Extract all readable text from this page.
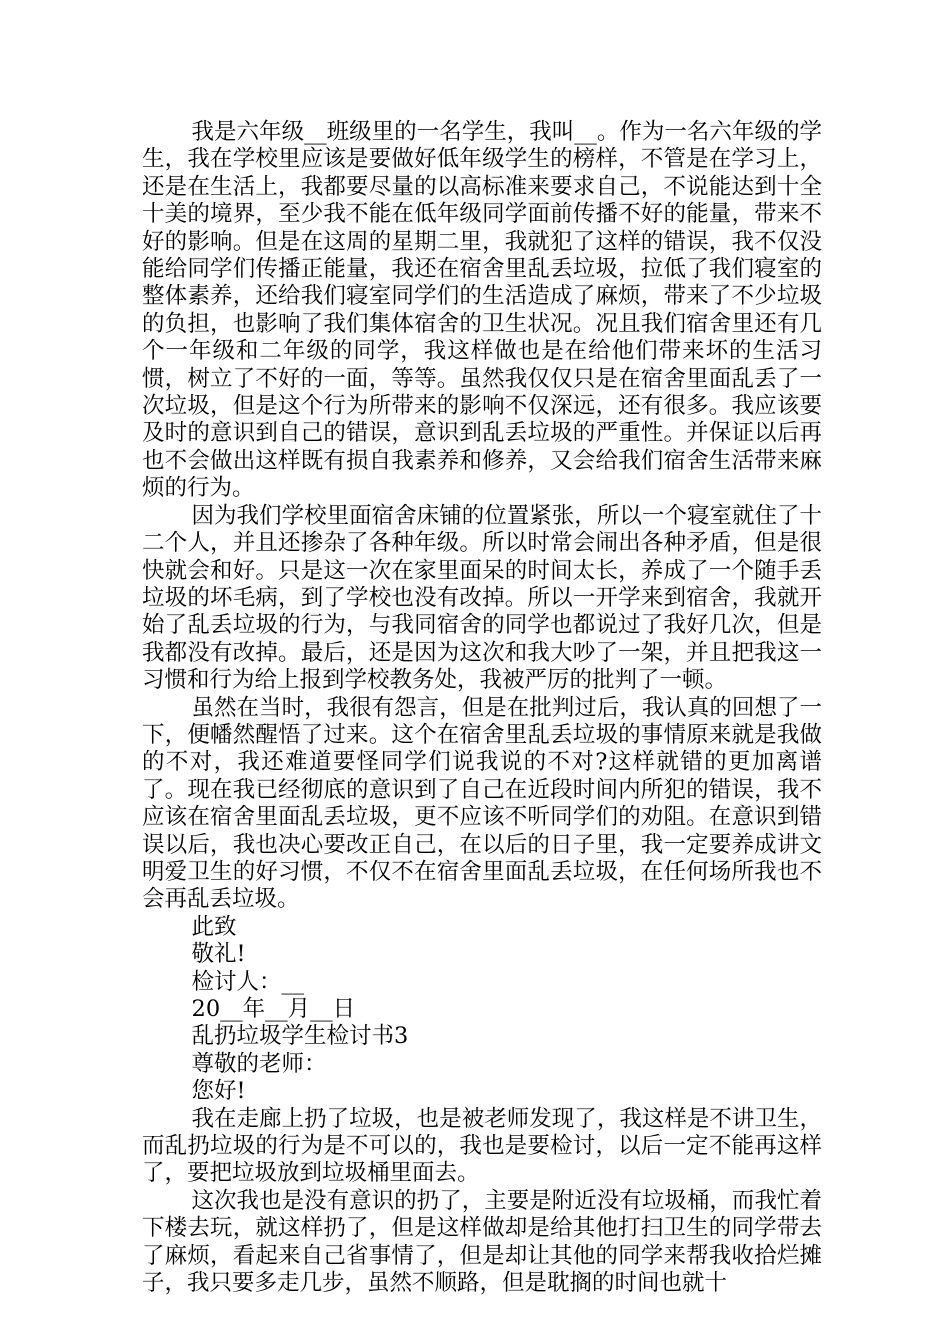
我是六年级__班级里的一名学生，我叫__。作为一名六年级的学生，我在学校里应该是要做好低年级学生的榜样，不管是在学习上，还是在生活上，我都要尽量的以高标准来要求自己，不说能达到十全十美的境界，至少我不能在低年级同学面前传播不好的能量，带来不好的影响。但是在这周的星期二里，我就犯了这样的错误，我不仅没能给同学们传播正能量，我还在宿舍里乱丢垃圾，拉低了我们寝室的整体素养，还给我们寝室同学们的生活造成了麻烦，带来了不少垃圾的负担，也影响了我们集体宿舍的卫生状况。况且我们宿舍里还有几个一年级和二年级的同学，我这样做也是在给他们带来坏的生活习惯，树立了不好的一面，等等。虽然我仅仅只是在宿舍里面乱丢了一次垃圾，但是这个行为所带来的影响不仅深远，还有很多。我应该要及时的意识到自己的错误，意识到乱丢垃圾的严重性。并保证以后再也不会做出这样既有损自我素养和修养，又会给我们宿舍生活带来麻烦的行为。

因为我们学校里面宿舍床铺的位置紧张，所以一个寝室就住了十二个人，并且还掺杂了各种年级。所以时常会闹出各种矛盾，但是很快就会和好。只是这一次在家里面呆的时间太长，养成了一个随手丢垃圾的坏毛病，到了学校也没有改掉。所以一开学来到宿舍，我就开始了乱丢垃圾的行为，与我同宿舍的同学也都说过了我好几次，但是我都没有改掉。最后，还是因为这次和我大吵了一架，并且把我这一习惯和行为给上报到学校教务处，我被严厉的批判了一顿。

虽然在当时，我很有怨言，但是在批判过后，我认真的回想了一下，便幡然醒悟了过来。这个在宿舍里乱丢垃圾的事情原来就是我做的不对，我还难道要怪同学们说我说的不对?这样就错的更加离谱了。现在我已经彻底的意识到了自己在近段时间内所犯的错误，我不应该在宿舍里面乱丢垃圾，更不应该不听同学们的劝阻。在意识到错误以后，我也决心要改正自己，在以后的日子里，我一定要养成讲文明爱卫生的好习惯，不仅不在宿舍里面乱丢垃圾，在任何场所我也不会再乱丢垃圾。

此致

敬礼!

检讨人：__

20__年__月__日

乱扔垃圾学生检讨书3

尊敬的老师：

您好!

我在走廊上扔了垃圾，也是被老师发现了，我这样是不讲卫生，而乱扔垃圾的行为是不可以的，我也是要检讨，以后一定不能再这样了，要把垃圾放到垃圾桶里面去。

这次我也是没有意识的扔了，主要是附近没有垃圾桶，而我忙着下楼去玩，就这样扔了，但是这样做却是给其他打扫卫生的同学带去了麻烦，看起来自己省事情了，但是却让其他的同学来帮我收拾烂摊子，我只要多走几步，虽然不顺路，但是耽搁的时间也就十
